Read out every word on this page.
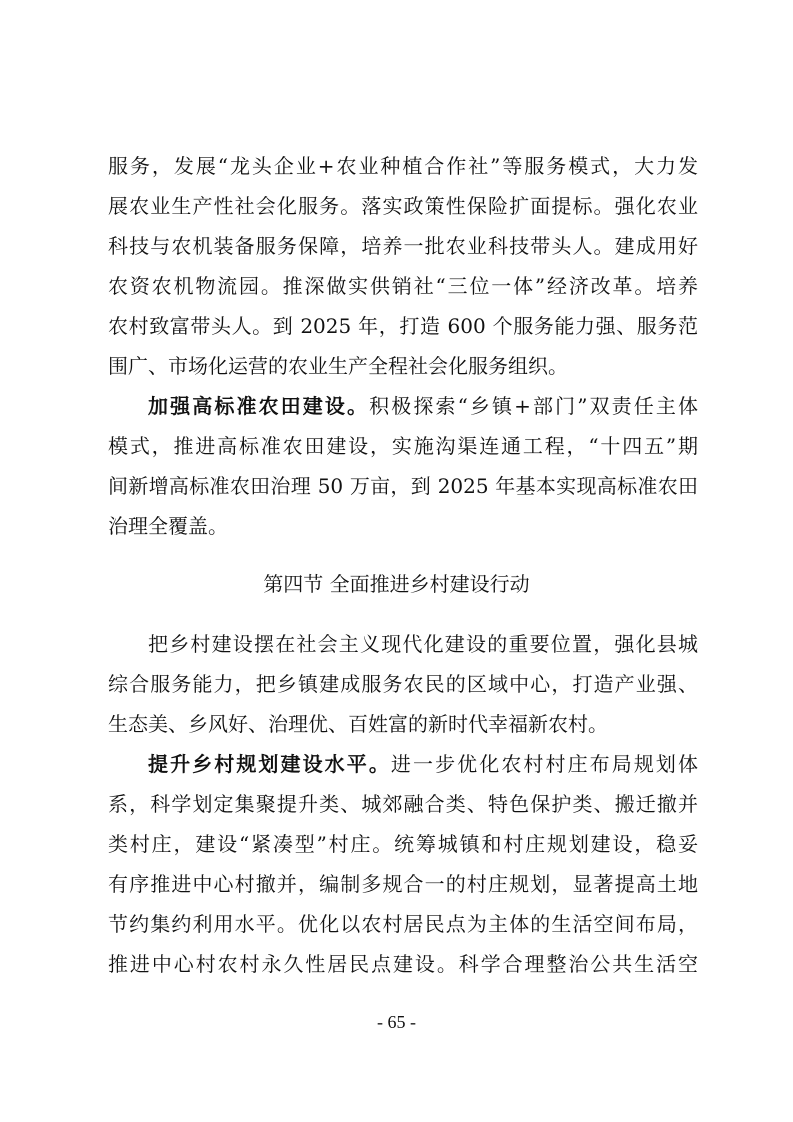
服务，发展“龙头企业+农业种植合作社”等服务模式，大力发
展农业生产性社会化服务。落实政策性保险扩面提标。强化农业
科技与农机装备服务保障，培养一批农业科技带头人。建成用好
农资农机物流园。推深做实供销社“三位一体”经济改革。培养
农村致富带头人。到 2025 年，打造 600 个服务能力强、服务范
围广、市场化运营的农业生产全程社会化服务组织。
加强高标准农田建设。积极探索“乡镇+部门”双责任主体
模式，推进高标准农田建设，实施沟渠连通工程，“十四五”期
间新增高标准农田治理 50 万亩，到 2025 年基本实现高标准农田
治理全覆盖。
第四节 全面推进乡村建设行动
把乡村建设摆在社会主义现代化建设的重要位置，强化县城
综合服务能力，把乡镇建成服务农民的区域中心，打造产业强、
生态美、乡风好、治理优、百姓富的新时代幸福新农村。
提升乡村规划建设水平。进一步优化农村村庄布局规划体
系，科学划定集聚提升类、城郊融合类、特色保护类、搬迁撤并
类村庄，建设“紧凑型”村庄。统筹城镇和村庄规划建设，稳妥
有序推进中心村撤并，编制多规合一的村庄规划，显著提高土地
节约集约利用水平。优化以农村居民点为主体的生活空间布局，
推进中心村农村永久性居民点建设。科学合理整治公共生活空
- 65 -
